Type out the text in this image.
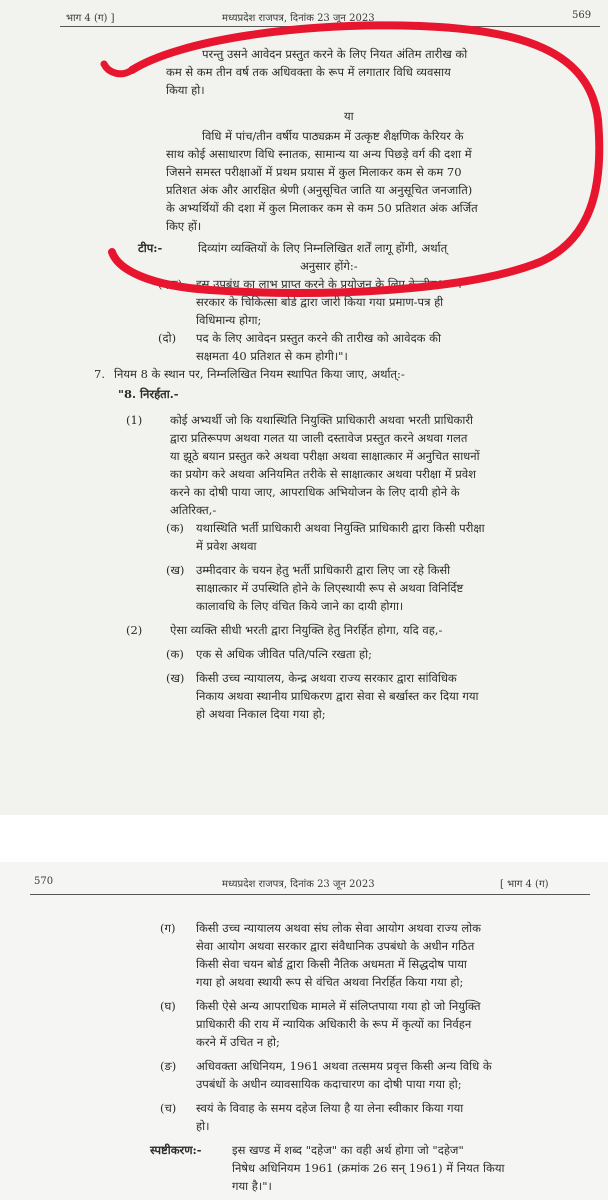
भाग 4 (ग) ]	मध्यप्रदेश राजपत्र, दिनांक 23 जून 2023	569
परन्तु उसने आवेदन प्रस्तुत करने के लिए नियत अंतिम तारीख को
कम से कम तीन वर्ष तक अधिवक्ता के रूप में लगातार विधि व्यवसाय
किया हो।
या
विधि में पांच/तीन वर्षीय पाठ्यक्रम में उत्कृष्ट शैक्षणिक केरियर के
साथ कोई असाधारण विधि स्नातक, सामान्य या अन्य पिछड़े वर्ग की दशा में
जिसने समस्त परीक्षाओं में प्रथम प्रयास में कुल मिलाकर कम से कम 70
प्रतिशत अंक और आरक्षित श्रेणी (अनुसूचित जाति या अनुसूचित जनजाति)
के अभ्यर्थियों की दशा में कुल मिलाकर कम से कम 50 प्रतिशत अंक अर्जित
किए हों।
टीप:-	दिव्यांग व्यक्तियों के लिए निम्नलिखित शर्तें लागू होंगी, अर्थात्
अनुसार होंगे:-
(एक) इस उपबंध का लाभ प्राप्त करने के प्रयोजन के लिए केन्द्रीय/राज्य
सरकार के चिकित्सा बोर्ड द्वारा जारी किया गया प्रमाण-पत्र ही
विधिमान्य होगा;
(दो) पद के लिए आवेदन प्रस्तुत करने की तारीख को आवेदक की
सक्षमता 40 प्रतिशत से कम होगी।"।
7. नियम 8 के स्थान पर, निम्नलिखित नियम स्थापित किया जाए, अर्थात्:-
"8. निरर्हता.-
(1) कोई अभ्यर्थी जो कि यथास्थिति नियुक्ति प्राधिकारी अथवा भरती प्राधिकारी
द्वारा प्रतिरूपण अथवा गलत या जाली दस्तावेज प्रस्तुत करने अथवा गलत
या झूठे बयान प्रस्तुत करे अथवा परीक्षा अथवा साक्षात्कार में अनुचित साधनों
का प्रयोग करे अथवा अनियमित तरीके से साक्षात्कार अथवा परीक्षा में प्रवेश
करने का दोषी पाया जाए, आपराधिक अभियोजन के लिए दायी होने के
अतिरिक्त,-
(क) यथास्थिति भर्ती प्राधिकारी अथवा नियुक्ति प्राधिकारी द्वारा किसी परीक्षा
में प्रवेश अथवा
(ख) उम्मीदवार के चयन हेतु भर्ती प्राधिकारी द्वारा लिए जा रहे किसी
साक्षात्कार में उपस्थिति होने के लिएस्थायी रूप से अथवा विनिर्दिष्ट
कालावधि के लिए वंचित किये जाने का दायी होगा।
(2) ऐसा व्यक्ति सीधी भरती द्वारा नियुक्ति हेतु निरर्हित होगा, यदि वह,-
(क) एक से अधिक जीवित पति/पत्नि रखता हो;
(ख) किसी उच्च न्यायालय, केन्द्र अथवा राज्य सरकार द्वारा सांविधिक
निकाय अथवा स्थानीय प्राधिकरण द्वारा सेवा से बर्खास्त कर दिया गया
हो अथवा निकाल दिया गया हो;
570	मध्यप्रदेश राजपत्र, दिनांक 23 जून 2023	[ भाग 4 (ग)
(ग) किसी उच्च न्यायालय अथवा संघ लोक सेवा आयोग अथवा राज्य लोक
सेवा आयोग अथवा सरकार द्वारा संवैधानिक उपबंधो के अधीन गठित
किसी सेवा चयन बोर्ड द्वारा किसी नैतिक अधमता में सिद्धदोष पाया
गया हो अथवा स्थायी रूप से वंचित अथवा निरर्हित किया गया हो;
(घ) किसी ऐसे अन्य आपराधिक मामले में संलिप्तपाया गया हो जो नियुक्ति
प्राधिकारी की राय में न्यायिक अधिकारी के रूप में कृत्यों का निर्वहन
करने में उचित न हो;
(ङ) अधिवक्ता अधिनियम, 1961 अथवा तत्समय प्रवृत्त किसी अन्य विधि के
उपबंधों के अधीन व्यावसायिक कदाचारण का दोषी पाया गया हो;
(च) स्वयं के विवाह के समय दहेज लिया है या लेना स्वीकार किया गया
हो।
स्पष्टीकरण:-	इस खण्ड में शब्द "दहेज" का वही अर्थ होगा जो "दहेज"
निषेध अधिनियम 1961 (क्रमांक 26 सन् 1961) में नियत किया
गया है।"।
